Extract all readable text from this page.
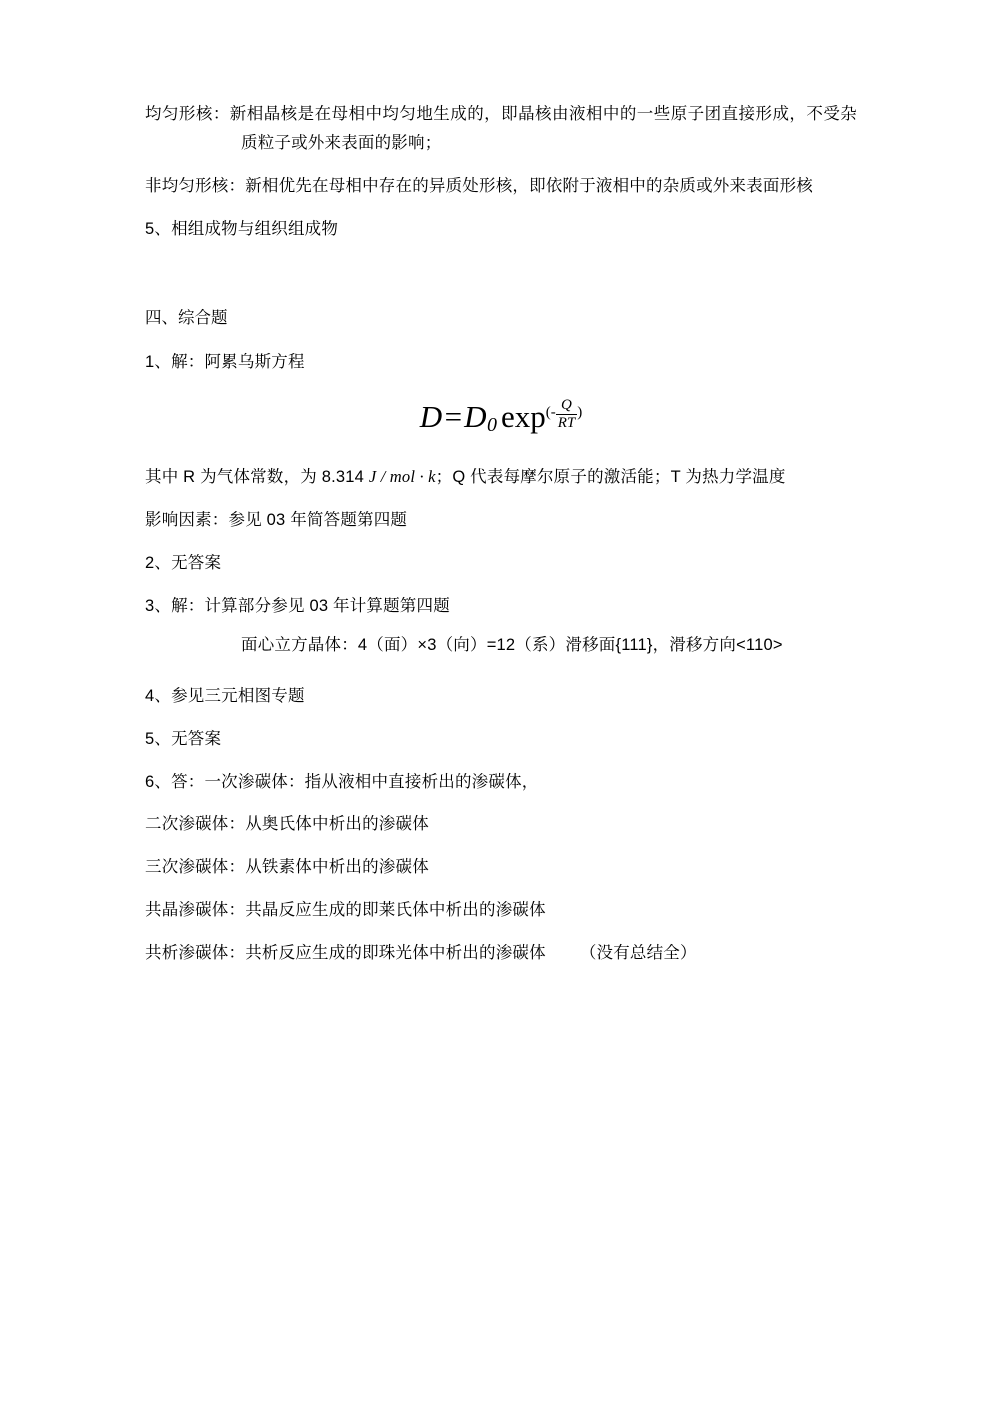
均匀形核：新相晶核是在母相中均匀地生成的，即晶核由液相中的一些原子团直接形成，不受杂质粒子或外来表面的影响；

非均匀形核：新相优先在母相中存在的异质处形核，即依附于液相中的杂质或外来表面形核

5、相组成物与组织组成物

四、综合题

1、解：阿累乌斯方程

D=D0 $\exp(- \frac{Q}{RT}$ )

其中 R 为气体常数，为 8.314 J / mol · k；Q 代表每摩尔原子的激活能；T 为热力学温度

影响因素：参见 03 年简答题第四题

2、无答案

3、解：计算部分参见 03 年计算题第四题

面心立方晶体：4（面）×3（向）=12（系）滑移面{111}，滑移方向<110>

4、参见三元相图专题

5、无答案

6、答：一次渗碳体：指从液相中直接析出的渗碳体，

二次渗碳体：从奥氏体中析出的渗碳体

三次渗碳体：从铁素体中析出的渗碳体

共晶渗碳体：共晶反应生成的即莱氏体中析出的渗碳体

共析渗碳体：共析反应生成的即珠光体中析出的渗碳体 （没有总结全）
